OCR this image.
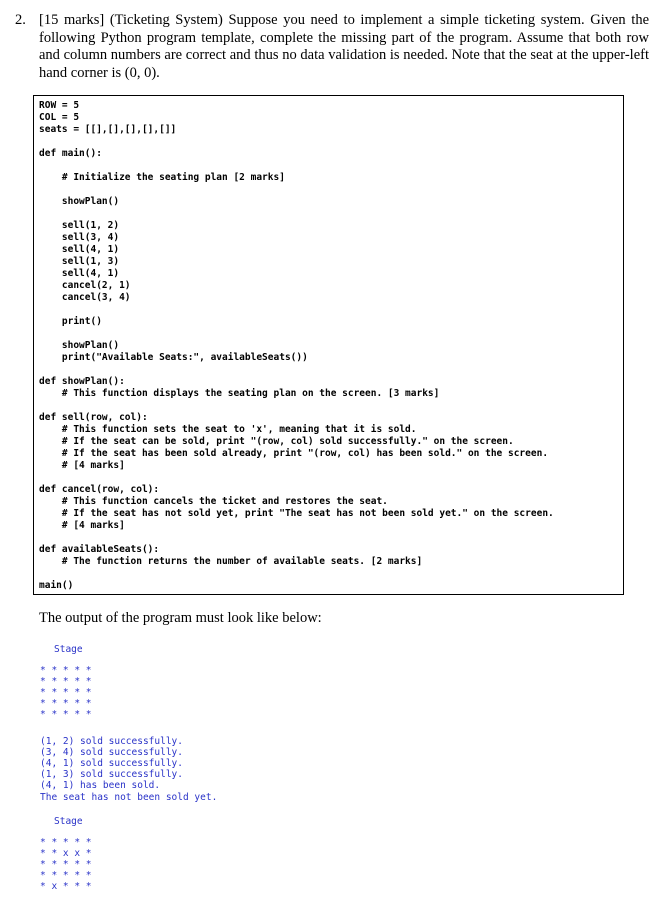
2. [15 marks] (Ticketing System) Suppose you need to implement a simple ticketing system. Given the following Python program template, complete the missing part of the program. Assume that both row and column numbers are correct and thus no data validation is needed. Note that the seat at the upper-left hand corner is (0, 0).
ROW = 5
COL = 5
seats = [[],[],[],[],[]]
def main():
# Initialize the seating plan [2 marks]
showPlan()
sell(1, 2)
sell(3, 4)
sell(4, 1)
sell(1, 3)
sell(4, 1)
cancel(2, 1)
cancel(3, 4)
print()
showPlan()
print("Available Seats:", availableSeats())
def showPlan():
# This function displays the seating plan on the screen. [3 marks]
def sell(row, col):
# This function sets the seat to 'x', meaning that it is sold.
# If the seat can be sold, print "(row, col) sold successfully." on the screen.
# If the seat has been sold already, print "(row, col) has been sold." on the screen.
# [4 marks]
def cancel(row, col):
# This function cancels the ticket and restores the seat.
# If the seat has not sold yet, print "The seat has not been sold yet." on the screen.
# [4 marks]
def availableSeats():
# The function returns the number of available seats. [2 marks]
main()
The output of the program must look like below:
Stage
* * * * *
* * * * *
* * * * *
* * * * *
* * * * *
(1, 2) sold successfully.
(3, 4) sold successfully.
(4, 1) sold successfully.
(1, 3) sold successfully.
(4, 1) has been sold.
The seat has not been sold yet.
Stage
* * * * *
* * x x *
* * * * *
* * * * *
* x * * *
